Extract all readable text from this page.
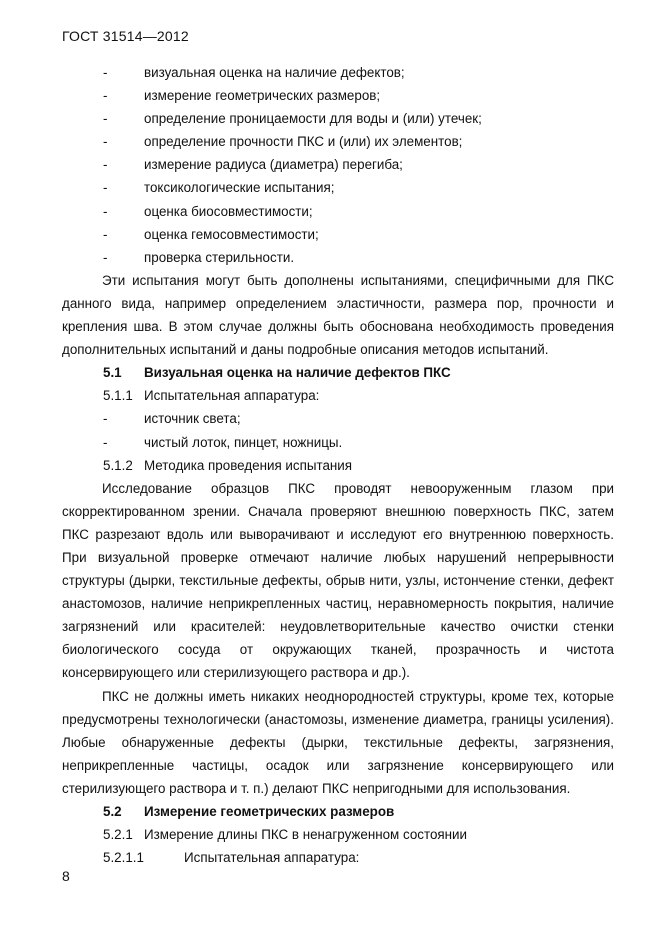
ГОСТ 31514—2012
-	визуальная оценка на наличие дефектов;
-	измерение геометрических размеров;
-	определение проницаемости для воды и (или) утечек;
-	определение прочности ПКС и (или) их элементов;
-	измерение радиуса (диаметра) перегиба;
-	токсикологические испытания;
-	оценка биосовместимости;
-	оценка гемосовместимости;
-	проверка стерильности.
Эти испытания могут быть дополнены испытаниями, специфичными для ПКС данного вида, например определением эластичности, размера пор, прочности и крепления шва. В этом случае должны быть обоснована необходимость проведения дополнительных испытаний и даны подробные описания методов испытаний.
5.1 Визуальная оценка на наличие дефектов ПКС
5.1.1 Испытательная аппаратура:
-	источник света;
-	чистый лоток, пинцет, ножницы.
5.1.2 Методика проведения испытания
Исследование образцов ПКС проводят невооруженным глазом при скорректированном зрении. Сначала проверяют внешнюю поверхность ПКС, затем ПКС разрезают вдоль или выворачивают и исследуют его внутреннюю поверхность. При визуальной проверке отмечают наличие любых нарушений непрерывности структуры (дырки, текстильные дефекты, обрыв нити, узлы, истончение стенки, дефект анастомозов, наличие неприкрепленных частиц, неравномерность покрытия, наличие загрязнений или красителей: неудовлетворительные качество очистки стенки биологического сосуда от окружающих тканей, прозрачность и чистота консервирующего или стерилизующего раствора и др.).
ПКС не должны иметь никаких неоднородностей структуры, кроме тех, которые предусмотрены технологически (анастомозы, изменение диаметра, границы усиления). Любые обнаруженные дефекты (дырки, текстильные дефекты, загрязнения, неприкрепленные частицы, осадок или загрязнение консервирующего или стерилизующего раствора и т. п.) делают ПКС непригодными для использования.
5.2 Измерение геометрических размеров
5.2.1 Измерение длины ПКС в ненагруженном состоянии
5.2.1.1	Испытательная аппаратура:
8
